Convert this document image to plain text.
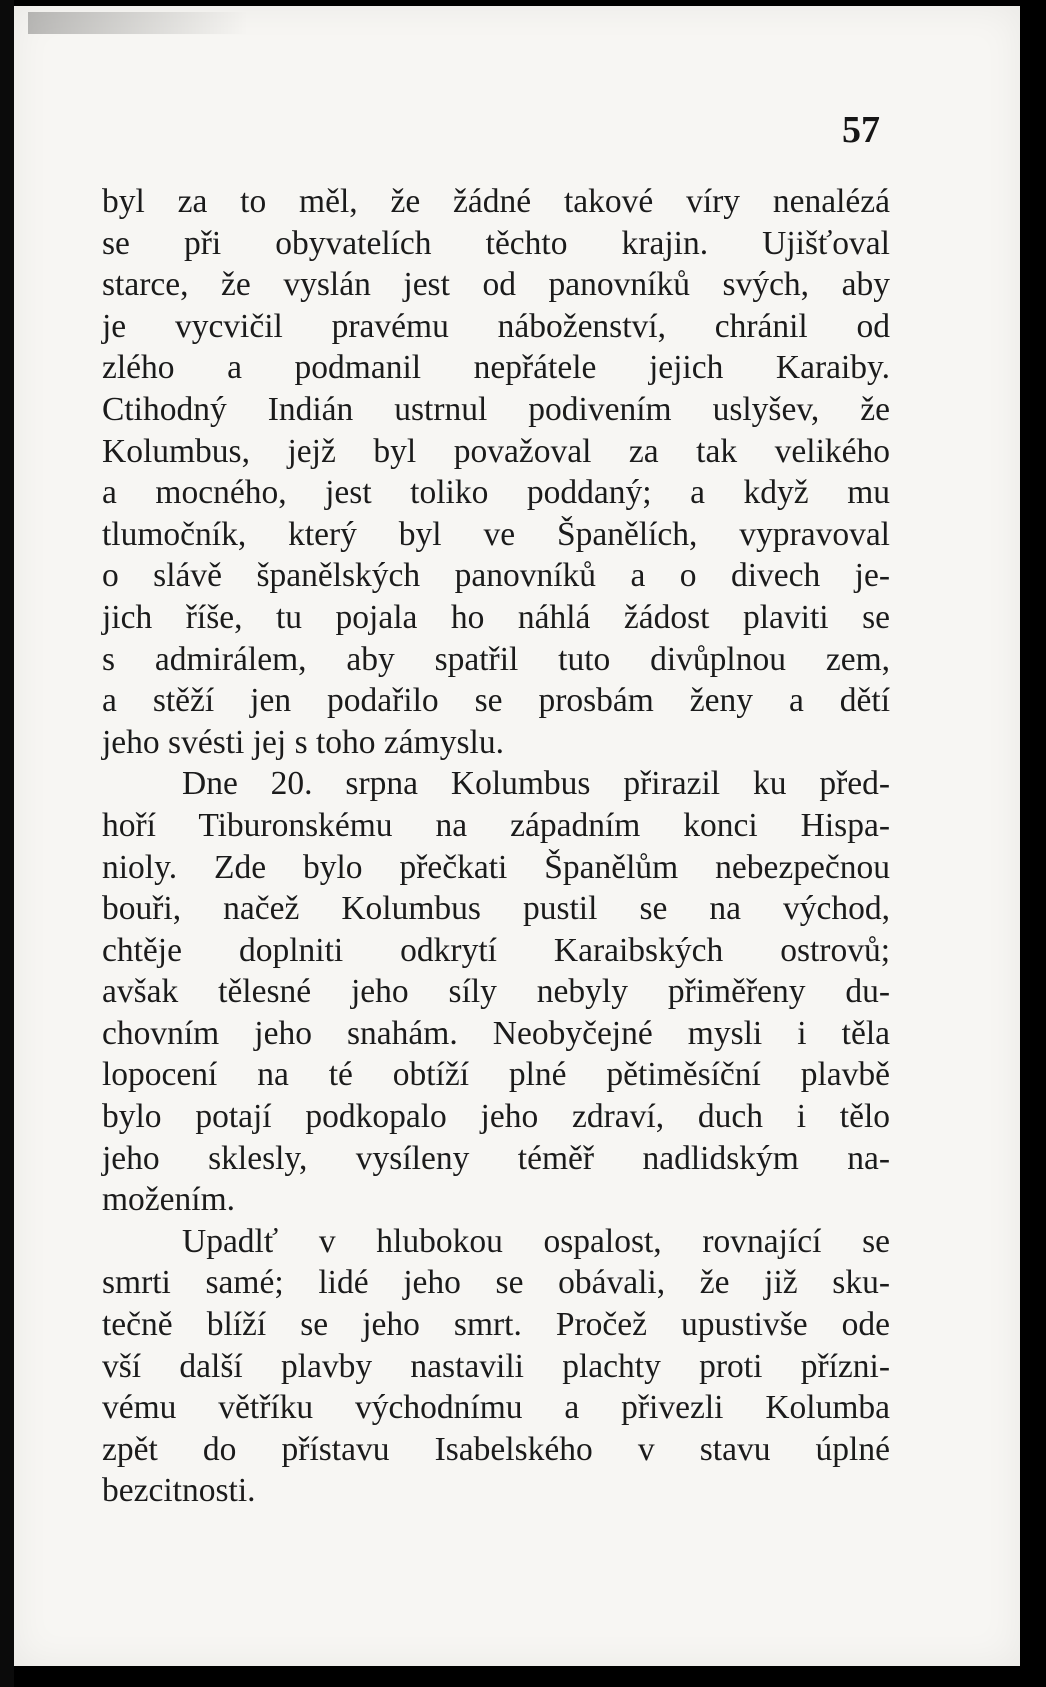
57
byl za to měl, že žádné takové víry nenalézá
se při obyvatelích těchto krajin. Ujišťoval
starce, že vyslán jest od panovníků svých, aby
je vycvičil pravému náboženství, chránil od
zlého a podmanil nepřátele jejich Karaiby.
Ctihodný Indián ustrnul podivením uslyšev, že
Kolumbus, jejž byl považoval za tak velikého
a mocného, jest toliko poddaný; a když mu
tlumočník, který byl ve Španělích, vypravoval
o slávě španělských panovníků a o divech je-
jich říše, tu pojala ho náhlá žádost plaviti se
s admirálem, aby spatřil tuto divůplnou zem,
a stěží jen podařilo se prosbám ženy a dětí
jeho svésti jej s toho zámyslu.
Dne 20. srpna Kolumbus přirazil ku před-
hoří Tiburonskému na západním konci Hispa-
nioly. Zde bylo přečkati Španělům nebezpečnou
bouři, načež Kolumbus pustil se na východ,
chtěje doplniti odkrytí Karaibských ostrovů;
avšak tělesné jeho síly nebyly přiměřeny du-
chovním jeho snahám. Neobyčejné mysli i těla
lopocení na té obtíží plné pětiměsíční plavbě
bylo potají podkopalo jeho zdraví, duch i tělo
jeho sklesly, vysíleny téměř nadlidským na-
možením.
Upadlť v hlubokou ospalost, rovnající se
smrti samé; lidé jeho se obávali, že již sku-
tečně blíží se jeho smrt. Pročež upustivše ode
vší další plavby nastavili plachty proti přízni-
vému větříku východnímu a přivezli Kolumba
zpět do přístavu Isabelského v stavu úplné
bezcitnosti.
